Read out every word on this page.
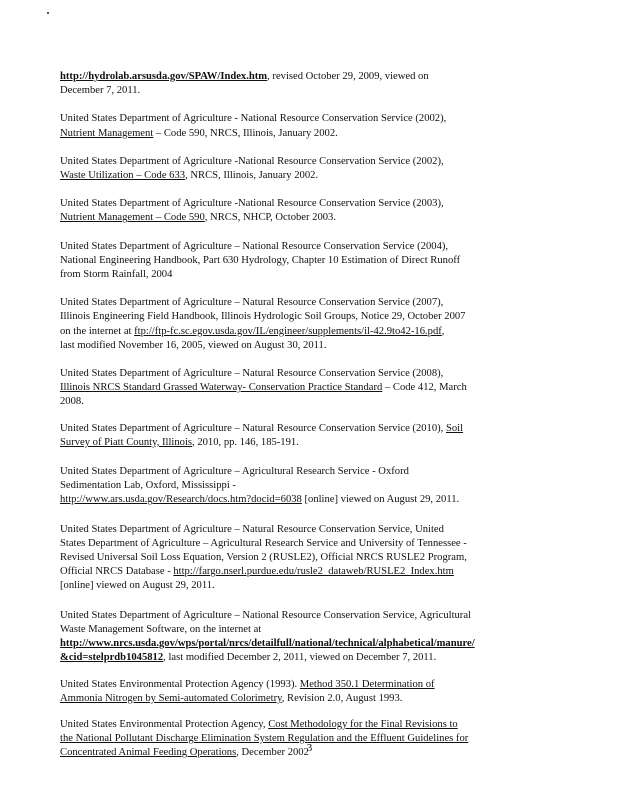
http://hydrolab.arsusda.gov/SPAW/Index.htm, revised October 29, 2009, viewed on
December 7, 2011.
United States Department of Agriculture - National Resource Conservation Service (2002),
Nutrient Management – Code 590, NRCS, Illinois, January 2002.
United States Department of Agriculture -National Resource Conservation Service (2002),
Waste Utilization – Code 633, NRCS, Illinois, January 2002.
United States Department of Agriculture -National Resource Conservation Service (2003),
Nutrient Management – Code 590, NRCS, NHCP, October 2003.
United States Department of Agriculture – National Resource Conservation Service (2004),
National Engineering Handbook, Part 630 Hydrology, Chapter 10 Estimation of Direct Runoff
from Storm Rainfall, 2004
United States Department of Agriculture – Natural Resource Conservation Service (2007),
Illinois Engineering Field Handbook, Illinois Hydrologic Soil Groups, Notice 29, October 2007
on the internet at ftp://ftp-fc.sc.egov.usda.gov/IL/engineer/supplements/il-42.9to42-16.pdf,
last modified November 16, 2005, viewed on August 30, 2011.
United States Department of Agriculture – Natural Resource Conservation Service (2008),
Illinois NRCS Standard Grassed Waterway- Conservation Practice Standard – Code 412, March
2008.
United States Department of Agriculture – Natural Resource Conservation Service (2010), Soil
Survey of Piatt County, Illinois, 2010, pp. 146, 185-191.
United States Department of Agriculture – Agricultural Research Service - Oxford
Sedimentation Lab, Oxford, Mississippi -
http://www.ars.usda.gov/Research/docs.htm?docid=6038 [online] viewed on August 29, 2011.
United States Department of Agriculture – Natural Resource Conservation Service, United
States Department of Agriculture – Agricultural Research Service and University of Tennessee -
Revised Universal Soil Loss Equation, Version 2 (RUSLE2), Official NRCS RUSLE2 Program,
Official NRCS Database - http://fargo.nserl.purdue.edu/rusle2_dataweb/RUSLE2_Index.htm
[online] viewed on August 29, 2011.
United States Department of Agriculture – National Resource Conservation Service, Agricultural
Waste Management Software, on the internet at
http://www.nrcs.usda.gov/wps/portal/nrcs/detailfull/national/technical/alphabetical/manure/
&cid=stelprdb1045812, last modified December 2, 2011, viewed on December 7, 2011.
United States Environmental Protection Agency (1993). Method 350.1 Determination of
Ammonia Nitrogen by Semi-automated Colorimetry, Revision 2.0, August 1993.
United States Environmental Protection Agency, Cost Methodology for the Final Revisions to
the National Pollutant Discharge Elimination System Regulation and the Effluent Guidelines for
Concentrated Animal Feeding Operations, December 2002
3
